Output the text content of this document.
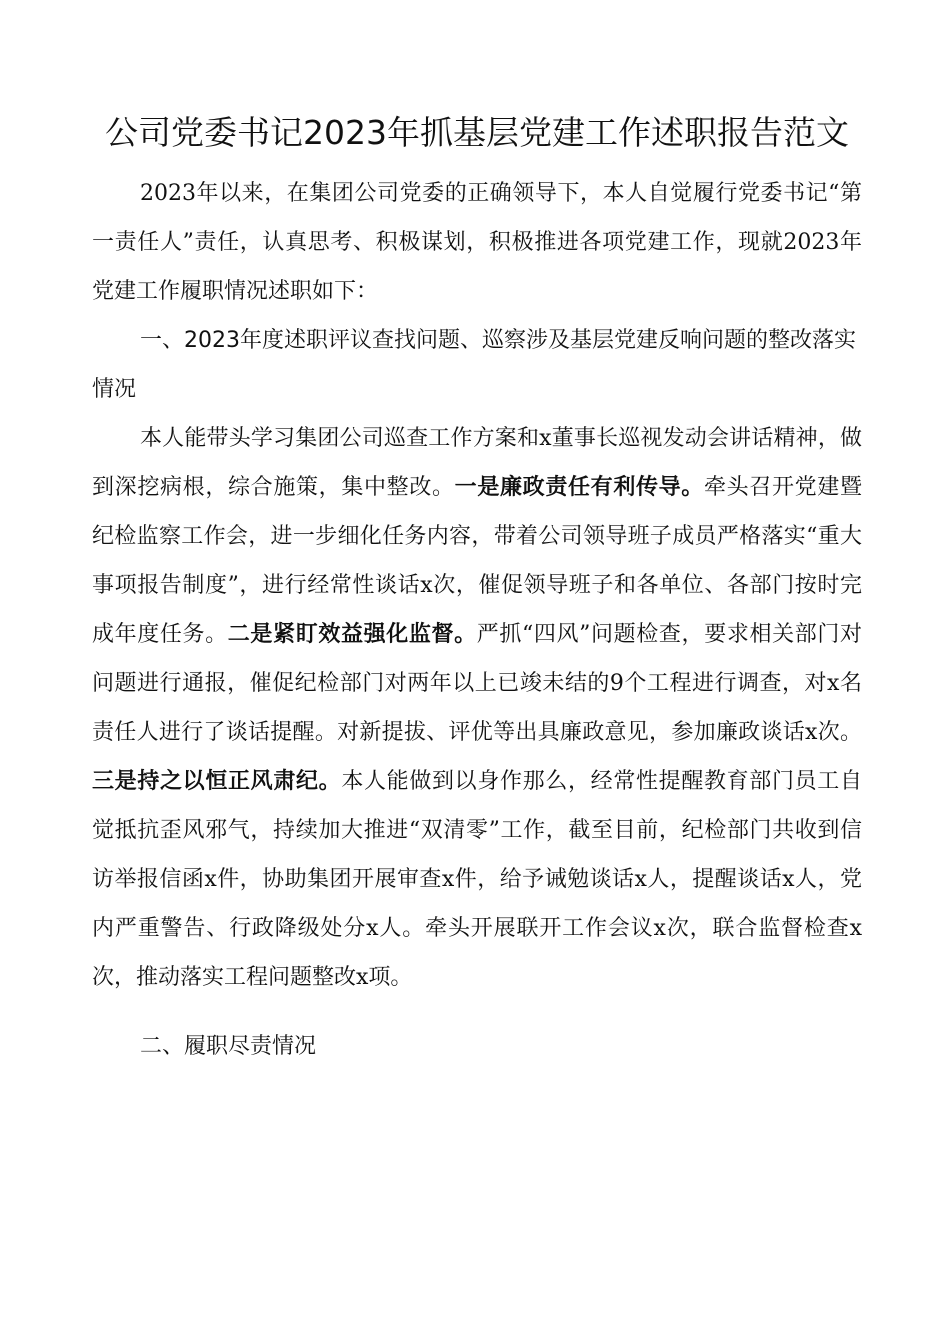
公司党委书记2023年抓基层党建工作述职报告范文

2023年以来，在集团公司党委的正确领导下，本人自觉履行党委书记“第一责任人”责任，认真思考、积极谋划，积极推进各项党建工作，现就2023年党建工作履职情况述职如下：

一、2023年度述职评议查找问题、巡察涉及基层党建反响问题的整改落实情况

本人能带头学习集团公司巡查工作方案和x董事长巡视发动会讲话精神，做到深挖病根，综合施策，集中整改。一是廉政责任有利传导。牵头召开党建暨纪检监察工作会，进一步细化任务内容，带着公司领导班子成员严格落实“重大事项报告制度”，进行经常性谈话x次，催促领导班子和各单位、各部门按时完成年度任务。二是紧盯效益强化监督。严抓“四风”问题检查，要求相关部门对问题进行通报，催促纪检部门对两年以上已竣未结的9个工程进行调查，对x名责任人进行了谈话提醒。对新提拔、评优等出具廉政意见，参加廉政谈话x次。三是持之以恒正风肃纪。本人能做到以身作那么，经常性提醒教育部门员工自觉抵抗歪风邪气，持续加大推进“双清零”工作，截至目前，纪检部门共收到信访举报信函x件，协助集团开展审查x件，给予诫勉谈话x人，提醒谈话x人，党内严重警告、行政降级处分x人。牵头开展联开工作会议x次，联合监督检查x次，推动落实工程问题整改x项。

二、履职尽责情况
